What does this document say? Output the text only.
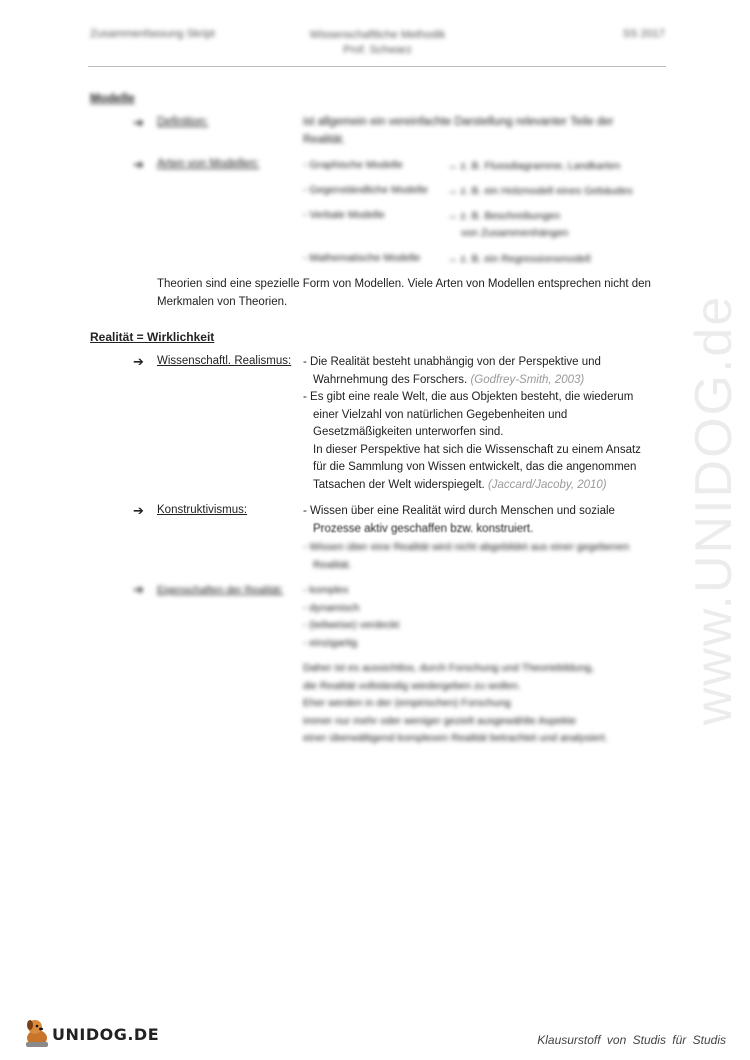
Zusammenfassung Skript	Wissenschaftliche Methodik
Prof. Schwarz
SS 2017
Modelle
➔ Definition:	ist allgemein ein vereinfachte Darstellung relevanter Teile der
Realität.
➔ Arten von Modellen:	- Graphische Modelle	→ z. B. Flussdiagramme, Landkarten
- Gegenständliche Modelle → z. B. ein Holzmodell eines Gebäudes
- Verbale Modelle	→ z. B. Beschreibungen
von Zusammenhängen
- Mathematische Modelle	→ z. B. ein Regressionsmodell
Theorien sind eine spezielle Form von Modellen. Viele Arten von Modellen entsprechen nicht den
Merkmalen von Theorien.
Realität = Wirklichkeit
➔ Wissenschaftl. Realismus: - Die Realität besteht unabhängig von der Perspektive und
Wahrnehmung des Forschers. (Godfrey-Smith, 2003)
- Es gibt eine reale Welt, die aus Objekten besteht, die wiederum
einer Vielzahl von natürlichen Gegebenheiten und
Gesetzmäßigkeiten unterworfen sind.
In dieser Perspektive hat sich die Wissenschaft zu einem Ansatz
für die Sammlung von Wissen entwickelt, das die angenommen
Tatsachen der Welt widerspiegelt. (Jaccard/Jacoby, 2010)
➔ Konstruktivismus:	- Wissen über eine Realität wird durch Menschen und soziale
Prozesse aktiv geschaffen bzw. konstruiert.
- Wissen über eine Realität wird nicht abgebildet aus einer gegebenen
Realität.
➔ Eigenschaften der Realität: - komplex
- dynamisch
- (teilweise) verdeckt
- einzigartig
Daher ist es aussichtlos, durch Forschung und Theoriebildung,
die Realität vollständig wiedergeben zu wollen.
Eher werden in der (empirischen) Forschung
immer nur mehr oder weniger gezielt ausgewählte Aspekte
einer überwältigend komplexen Realität betrachtet und analysiert.
www.UNIDOG.de
UNIDOG.DE	Klausurstoff von Studis für Studis
